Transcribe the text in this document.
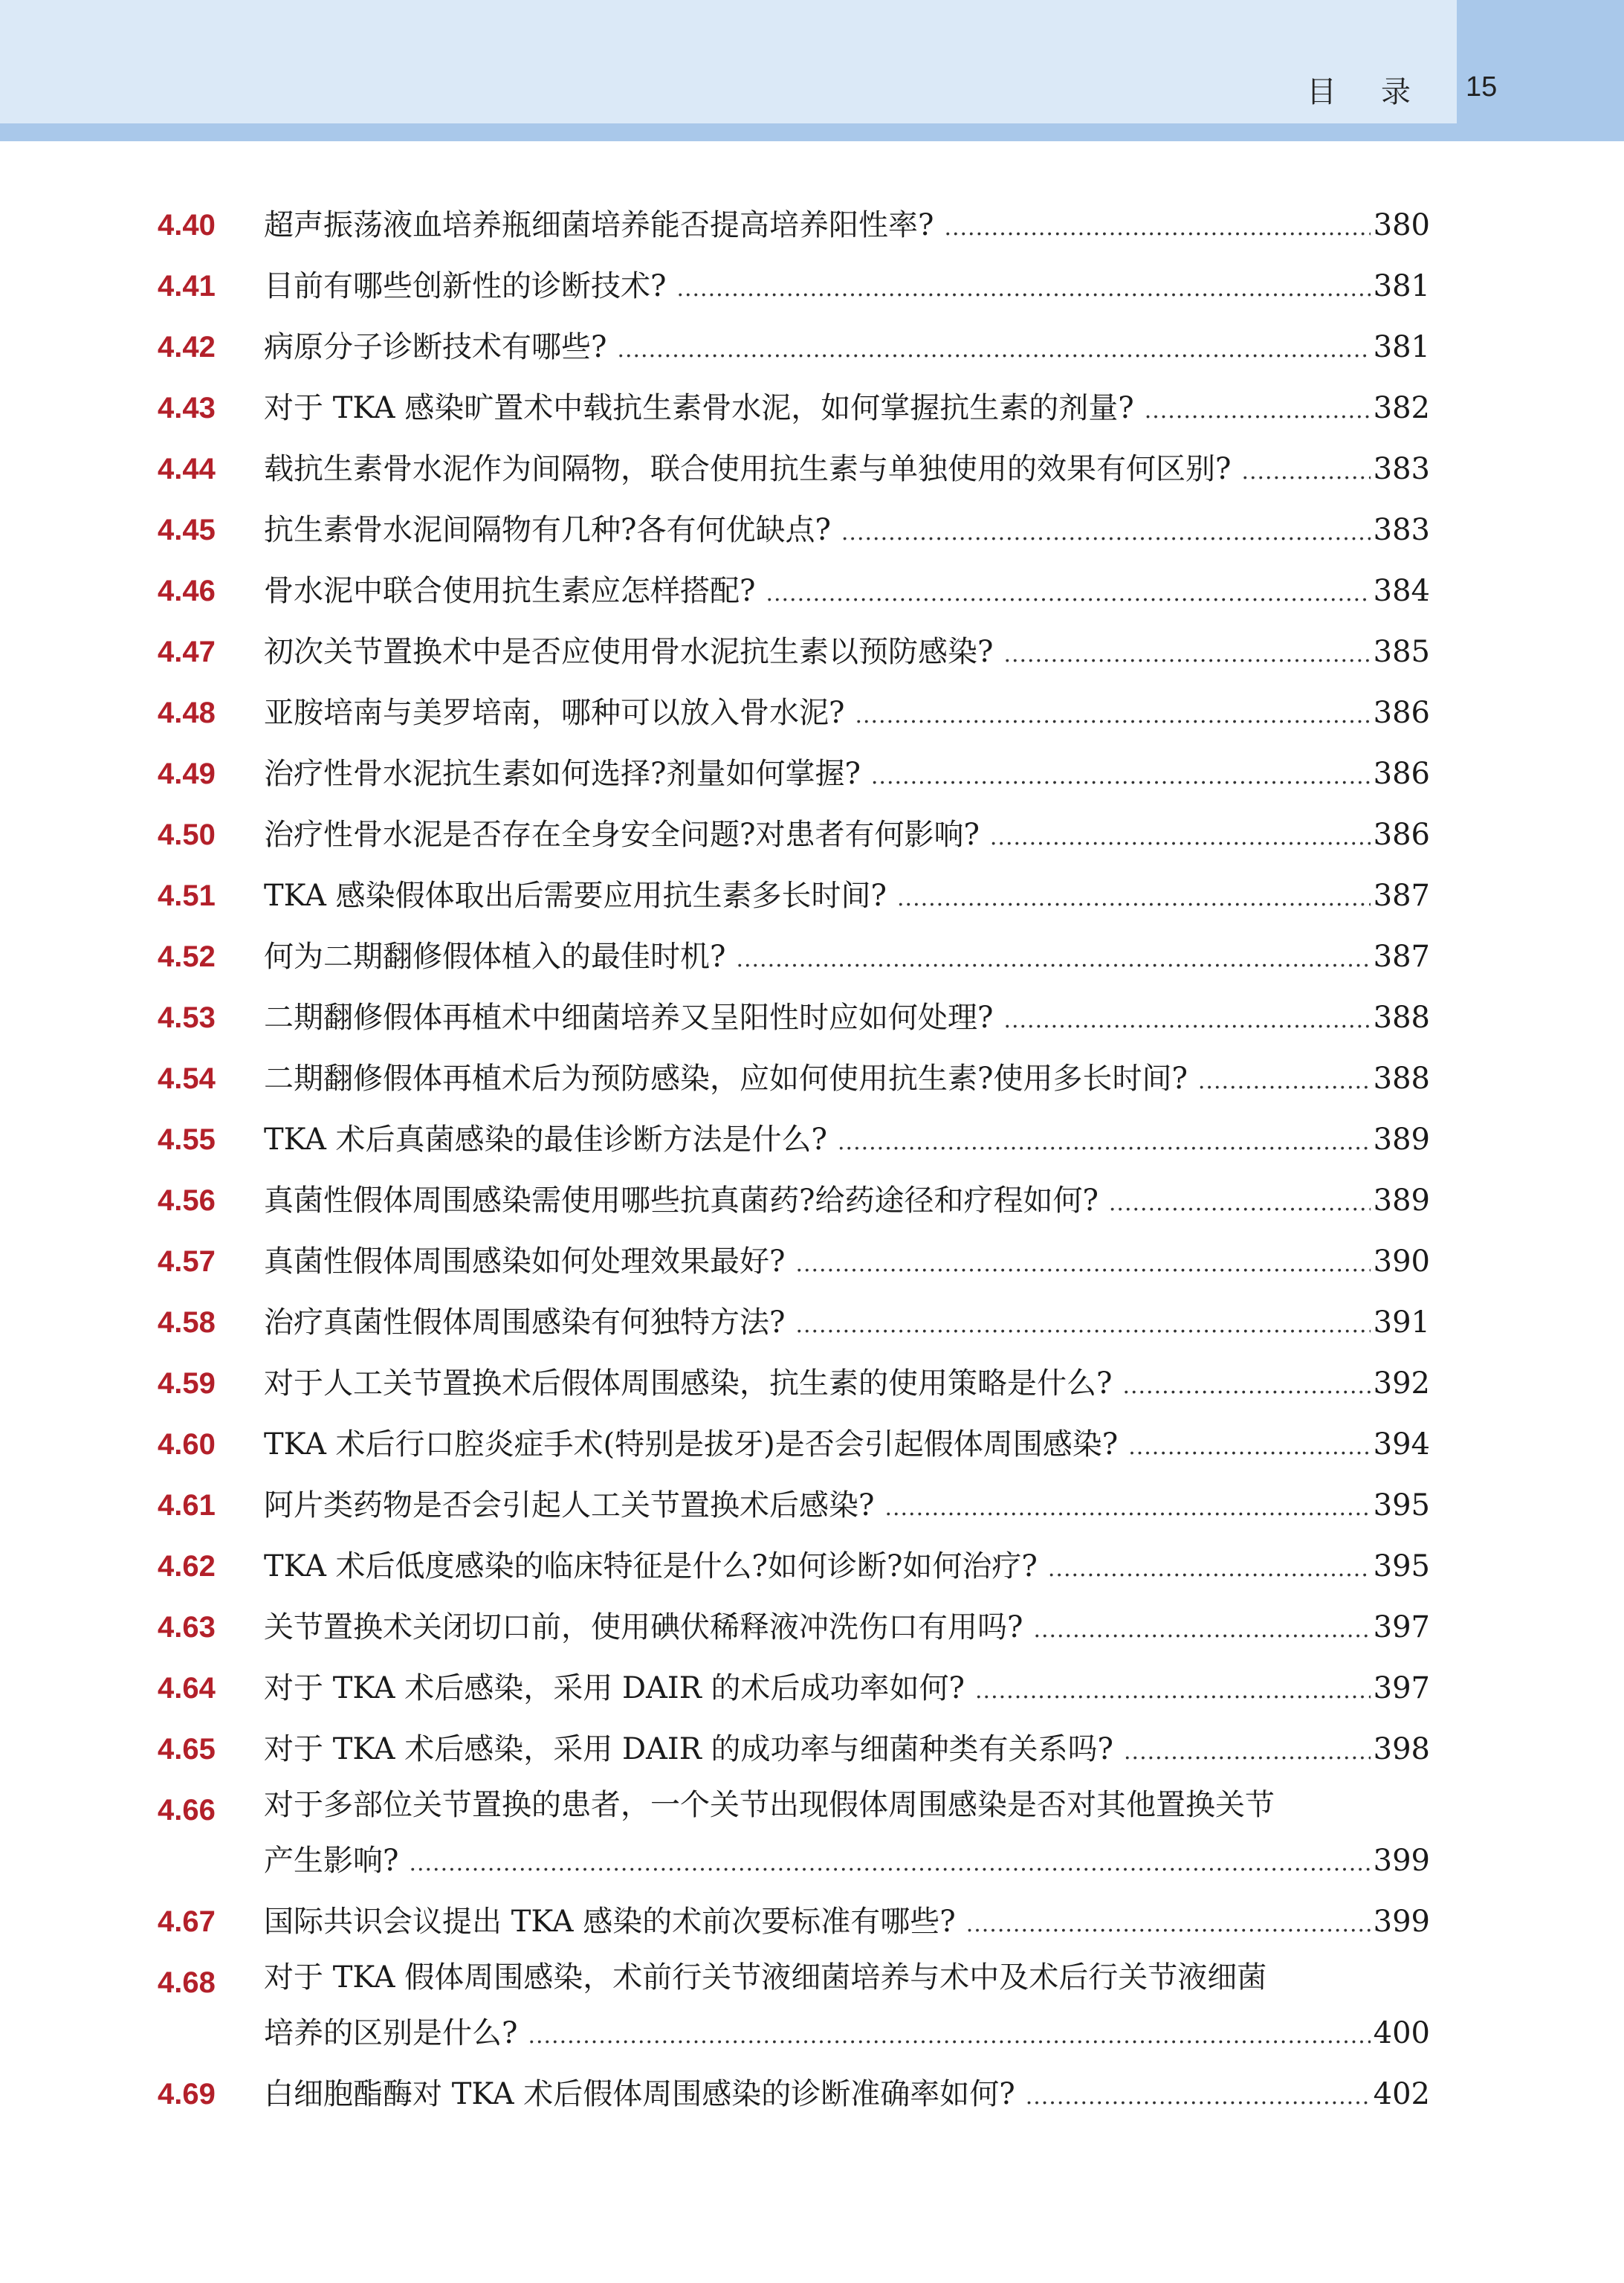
目录 15
4.40	超声振荡液血培养瓶细菌培养能否提高培养阳性率? .....	380
4.41	目前有哪些创新性的诊断技术? .....	381
4.42	病原分子诊断技术有哪些? .....	381
4.43	对于 TKA 感染旷置术中载抗生素骨水泥，如何掌握抗生素的剂量? .....	382
4.44	载抗生素骨水泥作为间隔物，联合使用抗生素与单独使用的效果有何区别? .....	383
4.45	抗生素骨水泥间隔物有几种?各有何优缺点? .....	383
4.46	骨水泥中联合使用抗生素应怎样搭配? .....	384
4.47	初次关节置换术中是否应使用骨水泥抗生素以预防感染? .....	385
4.48	亚胺培南与美罗培南，哪种可以放入骨水泥? .....	386
4.49	治疗性骨水泥抗生素如何选择?剂量如何掌握? .....	386
4.50	治疗性骨水泥是否存在全身安全问题?对患者有何影响? .....	386
4.51	TKA 感染假体取出后需要应用抗生素多长时间? .....	387
4.52	何为二期翻修假体植入的最佳时机? .....	387
4.53	二期翻修假体再植术中细菌培养又呈阳性时应如何处理? .....	388
4.54	二期翻修假体再植术后为预防感染，应如何使用抗生素?使用多长时间? .....	388
4.55	TKA 术后真菌感染的最佳诊断方法是什么? .....	389
4.56	真菌性假体周围感染需使用哪些抗真菌药?给药途径和疗程如何? .....	389
4.57	真菌性假体周围感染如何处理效果最好? .....	390
4.58	治疗真菌性假体周围感染有何独特方法? .....	391
4.59	对于人工关节置换术后假体周围感染，抗生素的使用策略是什么? .....	392
4.60	TKA 术后行口腔炎症手术(特别是拔牙)是否会引起假体周围感染? .....	394
4.61	阿片类药物是否会引起人工关节置换术后感染? .....	395
4.62	TKA 术后低度感染的临床特征是什么?如何诊断?如何治疗? .....	395
4.63	关节置换术关闭切口前，使用碘伏稀释液冲洗伤口有用吗? .....	397
4.64	对于 TKA 术后感染，采用 DAIR 的术后成功率如何? .....	397
4.65	对于 TKA 术后感染，采用 DAIR 的成功率与细菌种类有关系吗? .....	398
4.66	对于多部位关节置换的患者，一个关节出现假体周围感染是否对其他置换关节
产生影响? .....	399
4.67	国际共识会议提出 TKA 感染的术前次要标准有哪些? .....	399
4.68	对于 TKA 假体周围感染，术前行关节液细菌培养与术中及术后行关节液细菌
培养的区别是什么? .....	400
4.69	白细胞酯酶对 TKA 术后假体周围感染的诊断准确率如何? .....	402
